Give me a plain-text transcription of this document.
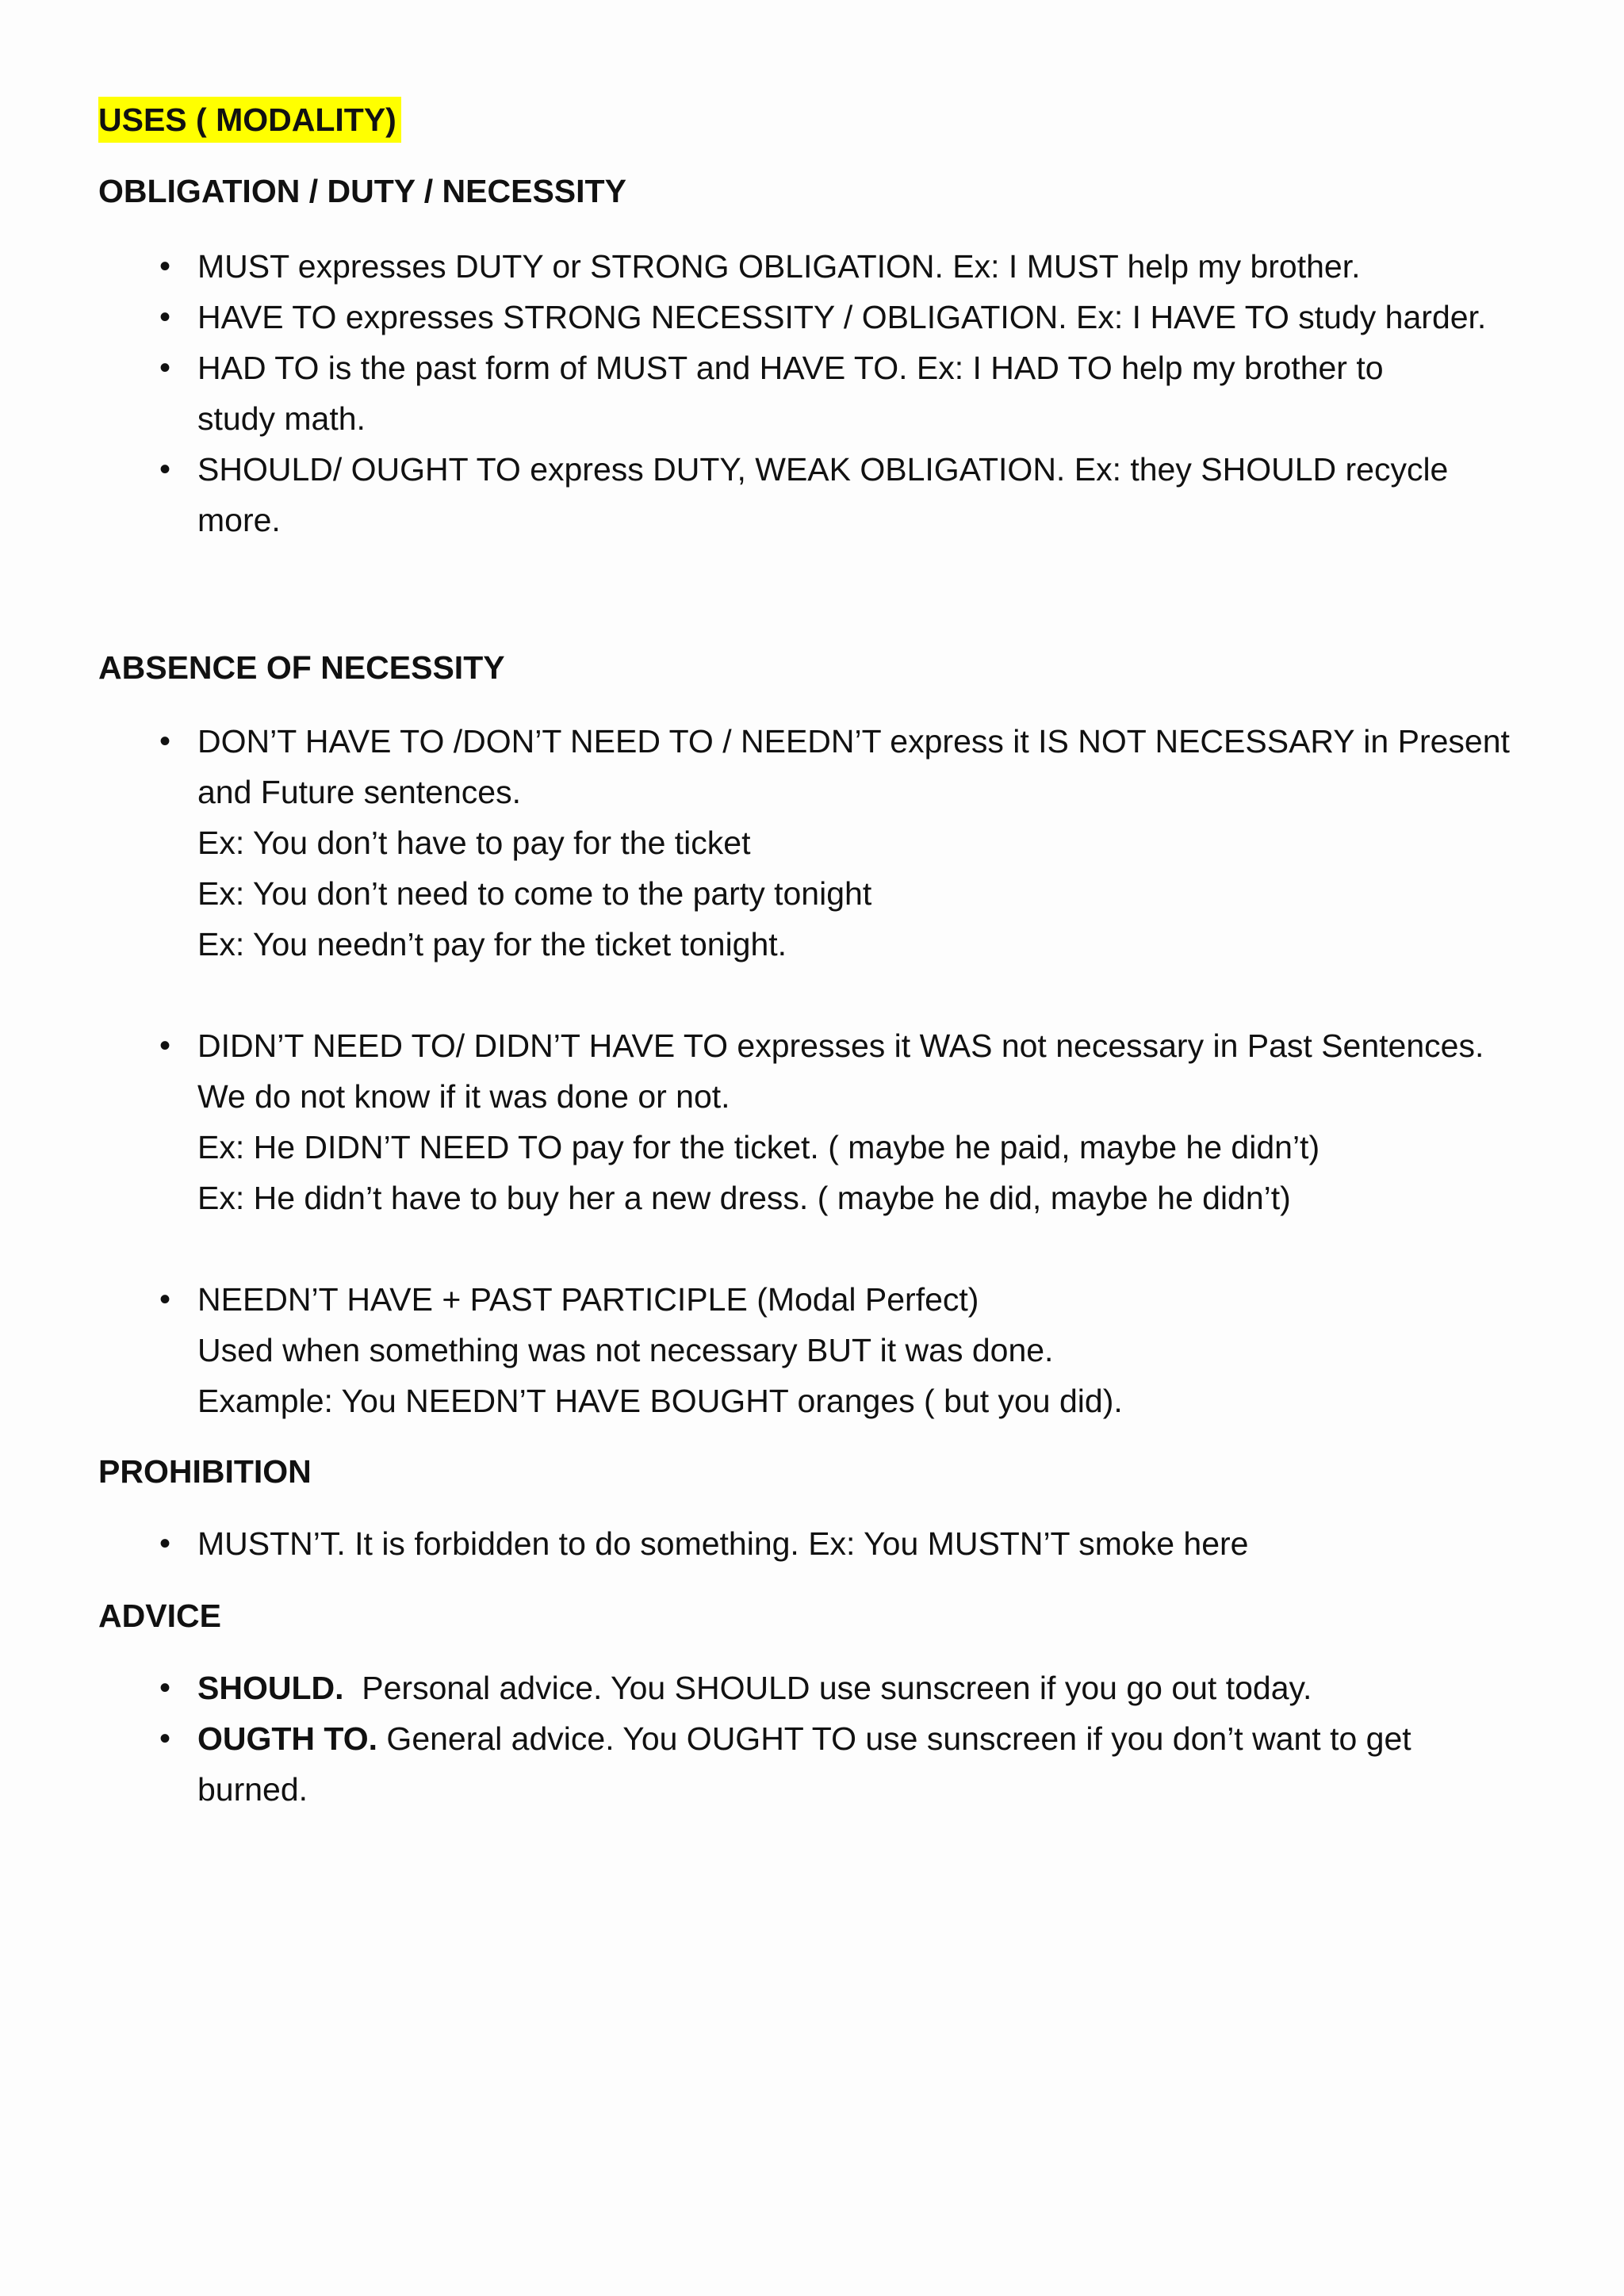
USES ( MODALITY)
OBLIGATION / DUTY / NECESSITY
• MUST expresses DUTY or STRONG OBLIGATION. Ex: I MUST help my brother.
• HAVE TO expresses STRONG NECESSITY / OBLIGATION. Ex: I HAVE TO study harder.
• HAD TO is the past form of MUST and HAVE TO. Ex: I HAD TO help my brother to
study math.
• SHOULD/ OUGHT TO express DUTY, WEAK OBLIGATION. Ex: they SHOULD recycle
more.
ABSENCE OF NECESSITY
• DON’T HAVE TO /DON’T NEED TO / NEEDN’T express it IS NOT NECESSARY in Present
and Future sentences.
Ex: You don’t have to pay for the ticket
Ex: You don’t need to come to the party tonight
Ex: You needn’t pay for the ticket tonight.
• DIDN’T NEED TO/ DIDN’T HAVE TO expresses it WAS not necessary in Past Sentences.
We do not know if it was done or not.
Ex: He DIDN’T NEED TO pay for the ticket. ( maybe he paid, maybe he didn’t)
Ex: He didn’t have to buy her a new dress. ( maybe he did, maybe he didn’t)
• NEEDN’T HAVE + PAST PARTICIPLE (Modal Perfect)
Used when something was not necessary BUT it was done.
Example: You NEEDN’T HAVE BOUGHT oranges ( but you did).
PROHIBITION
• MUSTN’T. It is forbidden to do something. Ex: You MUSTN’T smoke here
ADVICE
• SHOULD.  Personal advice. You SHOULD use sunscreen if you go out today.
• OUGTH TO. General advice. You OUGHT TO use sunscreen if you don’t want to get
burned.
